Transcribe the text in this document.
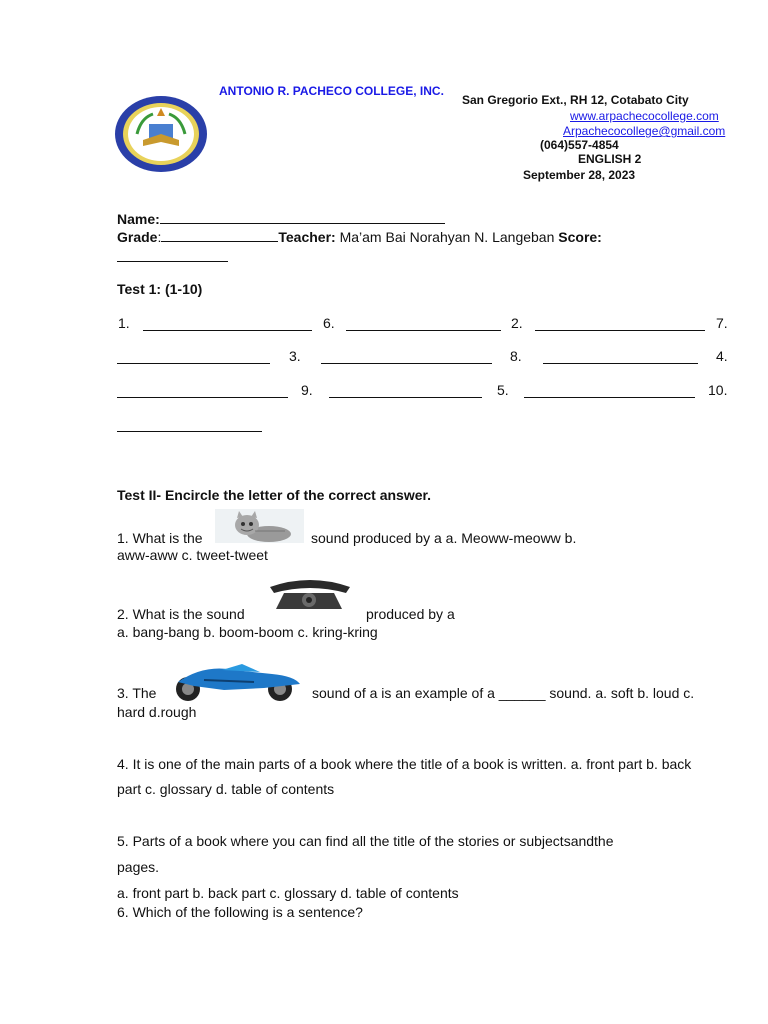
ANTONIO R. PACHECO COLLEGE, INC.
San Gregorio Ext., RH 12, Cotabato City
www.arpachecocollege.com
Arpachecocollege@gmail.com
(064)557-4854
ENGLISH 2
September 28, 2023
Name:
Grade:	Teacher: Ma’am Bai Norahyan N. Langeban Score:
Test 1: (1-10)
1.	6.	2.	7.
3.	8.	4.
9.	5.	10.
Test II- Encircle the letter of the correct answer.
1. What is the	sound produced by a a. Meoww-meoww b.
aww-aww c. tweet-tweet
2. What is the sound	produced by a
a. bang-bang b. boom-boom c. kring-kring
3. The	sound of a is an example of a ______ sound. a. soft b. loud c.
hard d.rough
4. It is one of the main parts of a book where the title of a book is written. a. front part b. back
part c. glossary d. table of contents
5. Parts of a book where you can find all the title of the stories or subjectsandthe
pages.
a. front part b. back part c. glossary d. table of contents
6. Which of the following is a sentence?
